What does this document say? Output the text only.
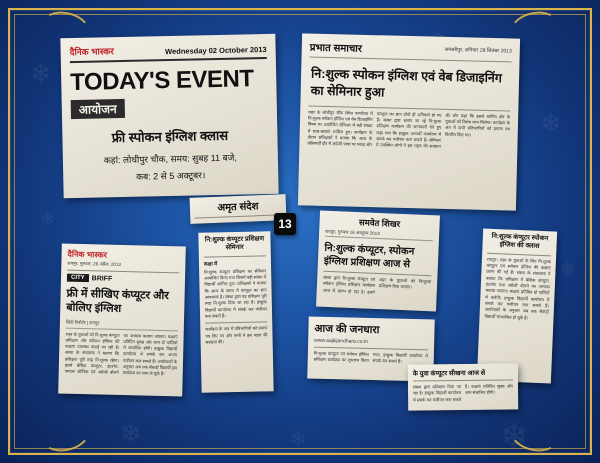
❄
❄
❄
❄	❄
❄
❄
दैनिक भास्कर	Wednesday 02 October 2013
TODAY'S EVENT
आयोजन
फ्री स्पोकन इंग्लिश क्लास
कहां: लोधीपुर चौक, समय: सुबह 11 बजे,
कब: 2 से 5 अक्टूबर।
प्रभात समाचार	समस्तीपुर, शनिवार 28 सितंबर 2013
नि:शुल्क स्पोकन इंग्लिश एवं वेब डिजाइनिंग का सेमिनार हुआ
शहर के लोधीपुर चौक स्थित कार्यालय में नि:शुल्क स्पोकन इंग्लिश एवं वेब डिजाइनिंग विषय पर आयोजित सेमिनार में बड़ी संख्या में छात्र-छात्राएं शामिल हुए। कार्यक्रम के दौरान प्रशिक्षकों ने बताया कि आज के प्रतिस्पर्धी दौर में अंग्रेजी भाषा पर पकड़ और कंप्यूटर का ज्ञान दोनों ही अनिवार्य हो गए हैं। संस्था द्वारा चलाए जा रहे नि:शुल्क प्रशिक्षण कार्यक्रम की जानकारी देते हुए कहा गया कि इच्छुक अभ्यर्थी कार्यालय में संपर्क कर पंजीयन करा सकते हैं। सेमिनार में उपस्थित लोगों ने इस पहल की सराहना की और कहा कि इससे ग्रामीण क्षेत्र के युवाओं को विशेष लाभ मिलेगा। कार्यक्रम के अंत में सभी प्रतिभागियों को प्रमाण पत्र वितरित किए गए।
अमृत संदेश
13
दैनिक भास्कर
रायपुर, गुरुवार, 26 अप्रैल, 2013
CITY BRIFF
फ्री में सीखिए कंप्यूटर और बोलिए इंग्लिश
सिटी रिपोर्टर | रायपुर
शहर के युवाओं को नि:शुल्क कंप्यूटर प्रशिक्षण और स्पोकन इंग्लिश की कक्षाएं उपलब्ध कराई जा रही हैं। संस्था के संचालक ने बताया कि प्रशिक्षण पूरी तरह नि:शुल्क रहेगा। इसमें बेसिक कंप्यूटर, इंटरनेट, एमएस ऑफिस एवं अंग्रेजी बोलने का अभ्यास कराया जाएगा। कक्षाएं प्रतिदिन सुबह और शाम दो पालियों में संचालित होंगी। इच्छुक विद्यार्थी कार्यालय में संपर्क कर अपना पंजीयन करा सकते हैं। आयोजकों के अनुसार अब तक सैकड़ों विद्यार्थी इस कार्यक्रम का लाभ ले चुके हैं।
नि:शुल्क कंप्यूटर प्रशिक्षण सेमिनार
कक्षा में
नि:शुल्क कंप्यूटर प्रशिक्षण का सेमिनार आयोजित किया गया जिसमें बड़ी संख्या में विद्यार्थी शामिल हुए। प्रशिक्षकों ने बताया कि आज के समय में कंप्यूटर का ज्ञान आवश्यक है। संस्था द्वारा यह प्रशिक्षण पूरी तरह नि:शुल्क दिया जा रहा है। इच्छुक विद्यार्थी कार्यालय में संपर्क कर पंजीयन करा सकते हैं।
कार्यक्रम के अंत में प्रतिभागियों को प्रमाण पत्र दिए गए और सभी ने इस पहल की सराहना की।
समवेत शिखर
रायपुर, गुरुवार 16 अक्टूबर 2013
नि:शुल्क कंप्यूटर, स्पोकन इंग्लिश प्रशिक्षण आज से
संस्था द्वारा नि:शुल्क कंप्यूटर एवं स्पोकन इंग्लिश प्रशिक्षण कार्यक्रम आज से प्रारंभ हो रहा है। इसमें शहर के युवाओं को निःशुल्क प्रशिक्षण दिया जाएगा।
आज की जनधारा
www.aajkijandhara.co.in
नि:शुल्क कंप्यूटर एवं स्पोकन इंग्लिश प्रशिक्षण कार्यक्रम का शुभारंभ किया गया। इच्छुक विद्यार्थी कार्यालय में संपर्क कर सकते हैं।
नि:शुल्क कंप्यूटर स्पोकन इंग्लिश की क्लास
रायपुर। शहर के युवाओं के लिए नि:शुल्क कंप्यूटर एवं स्पोकन इंग्लिश की कक्षाएं प्रारंभ की गई हैं। संस्था के संचालक ने बताया कि प्रशिक्षण में बेसिक कंप्यूटर, इंटरनेट तथा अंग्रेजी बोलने का अभ्यास कराया जाएगा। कक्षाएं प्रतिदिन दो पालियों में चलेंगी। इच्छुक विद्यार्थी कार्यालय में संपर्क कर पंजीयन करा सकते हैं। आयोजकों के अनुसार अब तक सैकड़ों विद्यार्थी लाभान्वित हो चुके हैं।
के युवा कंप्यूटर सीखना आज से
संस्था द्वारा प्रशिक्षण दिया जा रहा है। इच्छुक विद्यार्थी कार्यालय में संपर्क कर पंजीयन करा सकते हैं। कक्षाएं प्रतिदिन सुबह और शाम संचालित होंगी।
